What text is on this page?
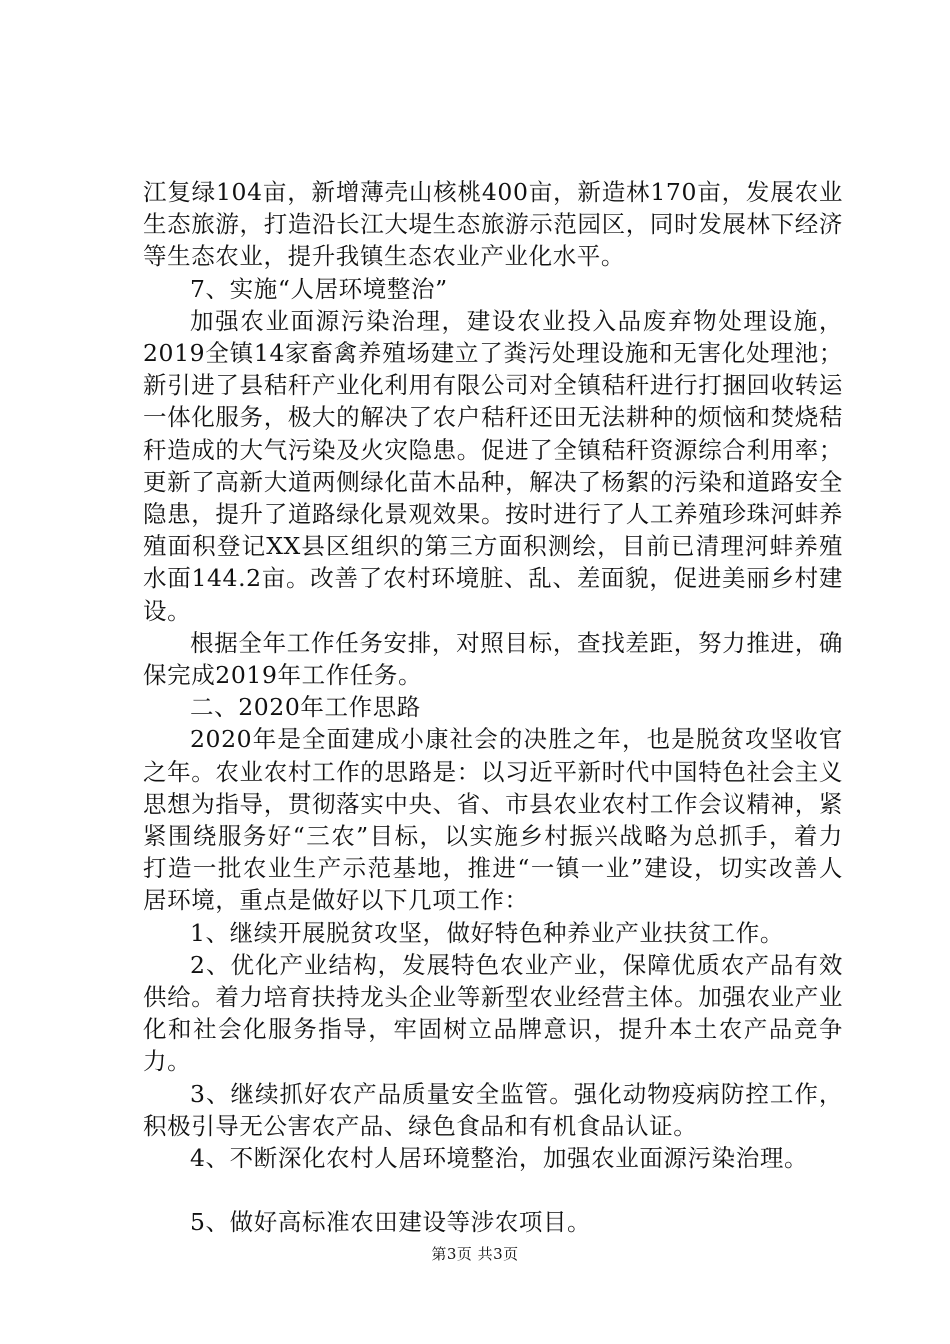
江复绿104亩，新增薄壳山核桃400亩，新造林170亩，发展农业生态旅游，打造沿长江大堤生态旅游示范园区，同时发展林下经济等生态农业，提升我镇生态农业产业化水平。

7、实施“人居环境整治”

加强农业面源污染治理，建设农业投入品废弃物处理设施，2019全镇14家畜禽养殖场建立了粪污处理设施和无害化处理池；新引进了县秸秆产业化利用有限公司对全镇秸秆进行打捆回收转运一体化服务，极大的解决了农户秸秆还田无法耕种的烦恼和焚烧秸秆造成的大气污染及火灾隐患。促进了全镇秸秆资源综合利用率；更新了高新大道两侧绿化苗木品种，解决了杨絮的污染和道路安全隐患，提升了道路绿化景观效果。按时进行了人工养殖珍珠河蚌养殖面积登记XX县区组织的第三方面积测绘，目前已清理河蚌养殖水面144.2亩。改善了农村环境脏、乱、差面貌，促进美丽乡村建设。

根据全年工作任务安排，对照目标，查找差距，努力推进，确保完成2019年工作任务。

二、2020年工作思路

2020年是全面建成小康社会的决胜之年，也是脱贫攻坚收官之年。农业农村工作的思路是：以习近平新时代中国特色社会主义思想为指导，贯彻落实中央、省、市县农业农村工作会议精神，紧紧围绕服务好“三农”目标，以实施乡村振兴战略为总抓手，着力打造一批农业生产示范基地，推进“一镇一业”建设，切实改善人居环境，重点是做好以下几项工作：

1、继续开展脱贫攻坚，做好特色种养业产业扶贫工作。

2、优化产业结构，发展特色农业产业，保障优质农产品有效供给。着力培育扶持龙头企业等新型农业经营主体。加强农业产业化和社会化服务指导，牢固树立品牌意识，提升本土农产品竞争力。

3、继续抓好农产品质量安全监管。强化动物疫病防控工作，积极引导无公害农产品、绿色食品和有机食品认证。

4、不断深化农村人居环境整治，加强农业面源污染治理。

5、做好高标准农田建设等涉农项目。

第3页 共3页
